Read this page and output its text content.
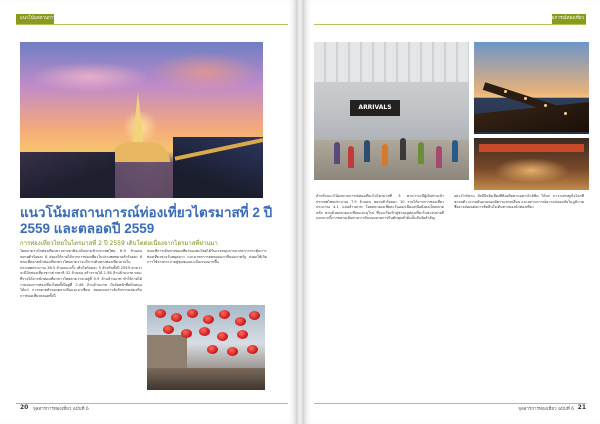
แนวโน้มสถานการณ์ท่องเที่ยว
แนวโน้มสถานการณ์ท่องเที่ยวไตรมาสที่ 2 ปี 2559 และตลอดปี 2559
การท่องเที่ยวไทยในไตรมาสที่ 2 ปี 2559 เติบโตต่อเนื่องจากไตรมาสที่ผ่านมา
โดยคาดว่านักท่องเที่ยวชาวต่างชาติจะเดินทางเข้าประเทศไทย 6.9 ล้านคน ขยายตัวร้อยละ 8 ส่งผลให้รายได้จากการท่องเที่ยวในประเทศขยายตัวร้อยละ 8 ขณะที่ตลาดนักท่องเที่ยวชาวไทยคาดว่าจะมีการเดินทางท่องเที่ยวภายในประเทศประมาณ 36.5 ล้านคน-ครั้ง เติบโตร้อยละ 5 สำหรับทั้งปี 2559 คาดว่าจะมีนักท่องเที่ยวชาวต่างชาติ 32 ล้านคน สร้างรายได้ 1.58 ล้านล้านบาท ขณะที่รายได้จากนักท่องเที่ยวชาวไทยคาดว่าจะอยู่ที่ 0.9 ล้านล้านบาท ทำให้รายได้รวมของการท่องเที่ยวไทยทั้งปีอยู่ที่ 2.48 ล้านล้านบาท ปัจจัยหลักที่สนับสนุนได้แก่ การขยายตัวของตลาดจีนและอาเซียน ตลอดจนการจัดกิจกรรมส่งเสริมการท่องเที่ยวตลอดทั้งปี
ขณะที่การเดินทางท่องเที่ยวของคนไทยได้รับแรงหนุนจากมาตรการกระตุ้นการท่องเที่ยวช่วงวันหยุดยาว และมาตรการลดหย่อนภาษีของภาครัฐ ส่งผลให้เกิดการใช้จ่ายกระจายสู่ชุมชนและเมืองรองมากขึ้น
20 จุลสารการท่องเที่ยว ฉบับที่ 6
แนวโน้มสถานการณ์ท่องเที่ยว
ARRIVALS
สำหรับแนวโน้มสถานการณ์ท่องเที่ยวในไตรมาสที่ 3 คาดว่าจะมีผู้เดินทางเข้าประเทศไทยประมาณ 7.9 ล้านคน ขยายตัวร้อยละ 10 รายได้จากการท่องเที่ยวประมาณ 4.1 แสนล้านบาท โดยตลาดเอเชียตะวันออกเฉียงเหนือยังคงเป็นตลาดหลัก ตามด้วยตลาดอาเซียนและยุโรป ซึ่งจะเริ่มเข้าสู่ช่วงฤดูท่องเที่ยวในช่วงปลายปี นอกจากนี้การขยายเส้นทางการบินของสายการบินต้นทุนต่ำยังเป็นปัจจัยสำคัญ
อย่างไรก็ตาม ยังมีปัจจัยเสี่ยงที่ต้องติดตามอย่างใกล้ชิด ได้แก่ ภาวะเศรษฐกิจโลกที่ชะลอตัว ความผันผวนของอัตราแลกเปลี่ยน และสถานการณ์ความปลอดภัยในภูมิภาค ซึ่งอาจส่งผลต่อการตัดสินใจเดินทางของนักท่องเที่ยว
จุลสารการท่องเที่ยว ฉบับที่ 6 21
